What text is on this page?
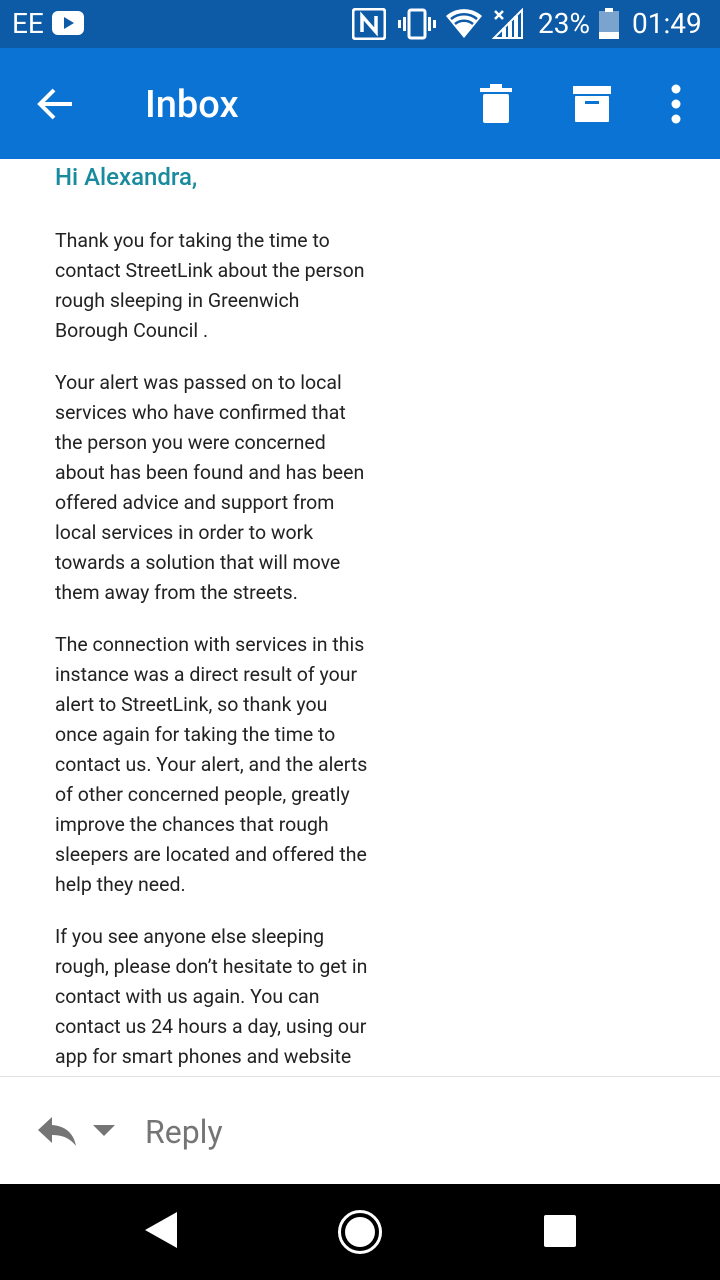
EE	23% 01:49
Inbox
Hi Alexandra,

Thank you for taking the time to contact StreetLink about the person rough sleeping in Greenwich Borough Council .

Your alert was passed on to local services who have confirmed that the person you were concerned about has been found and has been offered advice and support from local services in order to work towards a solution that will move them away from the streets.

The connection with services in this instance was a direct result of your alert to StreetLink, so thank you once again for taking the time to contact us. Your alert, and the alerts of other concerned people, greatly improve the chances that rough sleepers are located and offered the help they need.

If you see anyone else sleeping rough, please don’t hesitate to get in contact with us again. You can contact us 24 hours a day, using our app for smart phones and website

Reply
